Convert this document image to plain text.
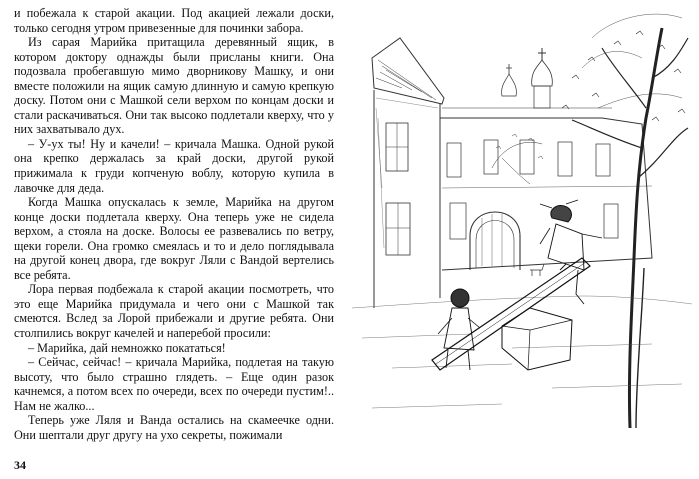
и побежала к старой акации. Под акацией лежали доски, только сегодня утром привезенные для починки забора.

Из сарая Марийка притащила деревянный ящик, в котором доктору однажды были присланы книги. Она подозвала пробегавшую мимо дворникову Машку, и они вместе положили на ящик самую длинную и самую крепкую доску. Потом они с Машкой сели верхом по концам доски и стали раскачиваться. Они так высоко подлетали кверху, что у них захватывало дух.

– У-ух ты! Ну и качели! – кричала Машка. Одной рукой она крепко держалась за край доски, другой рукой прижимала к груди копченую воблу, которую купила в лавочке для деда.

Когда Машка опускалась к земле, Марийка на другом конце доски подлетала кверху. Она теперь уже не сидела верхом, а стояла на доске. Волосы ее развевались по ветру, щеки горели. Она громко смеялась и то и дело поглядывала на другой конец двора, где вокруг Ляли с Вандой вертелись все ребята.

Лора первая подбежала к старой акации посмотреть, что это еще Марийка придумала и чего они с Машкой так смеются. Вслед за Лорой прибежали и другие ребята. Они столпились вокруг качелей и наперебой просили:

– Марийка, дай немножко покататься!

– Сейчас, сейчас! – кричала Марийка, подлетая на такую высоту, что было страшно глядеть. – Еще один разок качнемся, а потом всех по очереди, всех по очереди пустим!.. Нам не жалко...

Теперь уже Ляля и Ванда остались на скамеечке одни. Они шептали друг другу на ухо секреты, пожимали

34
